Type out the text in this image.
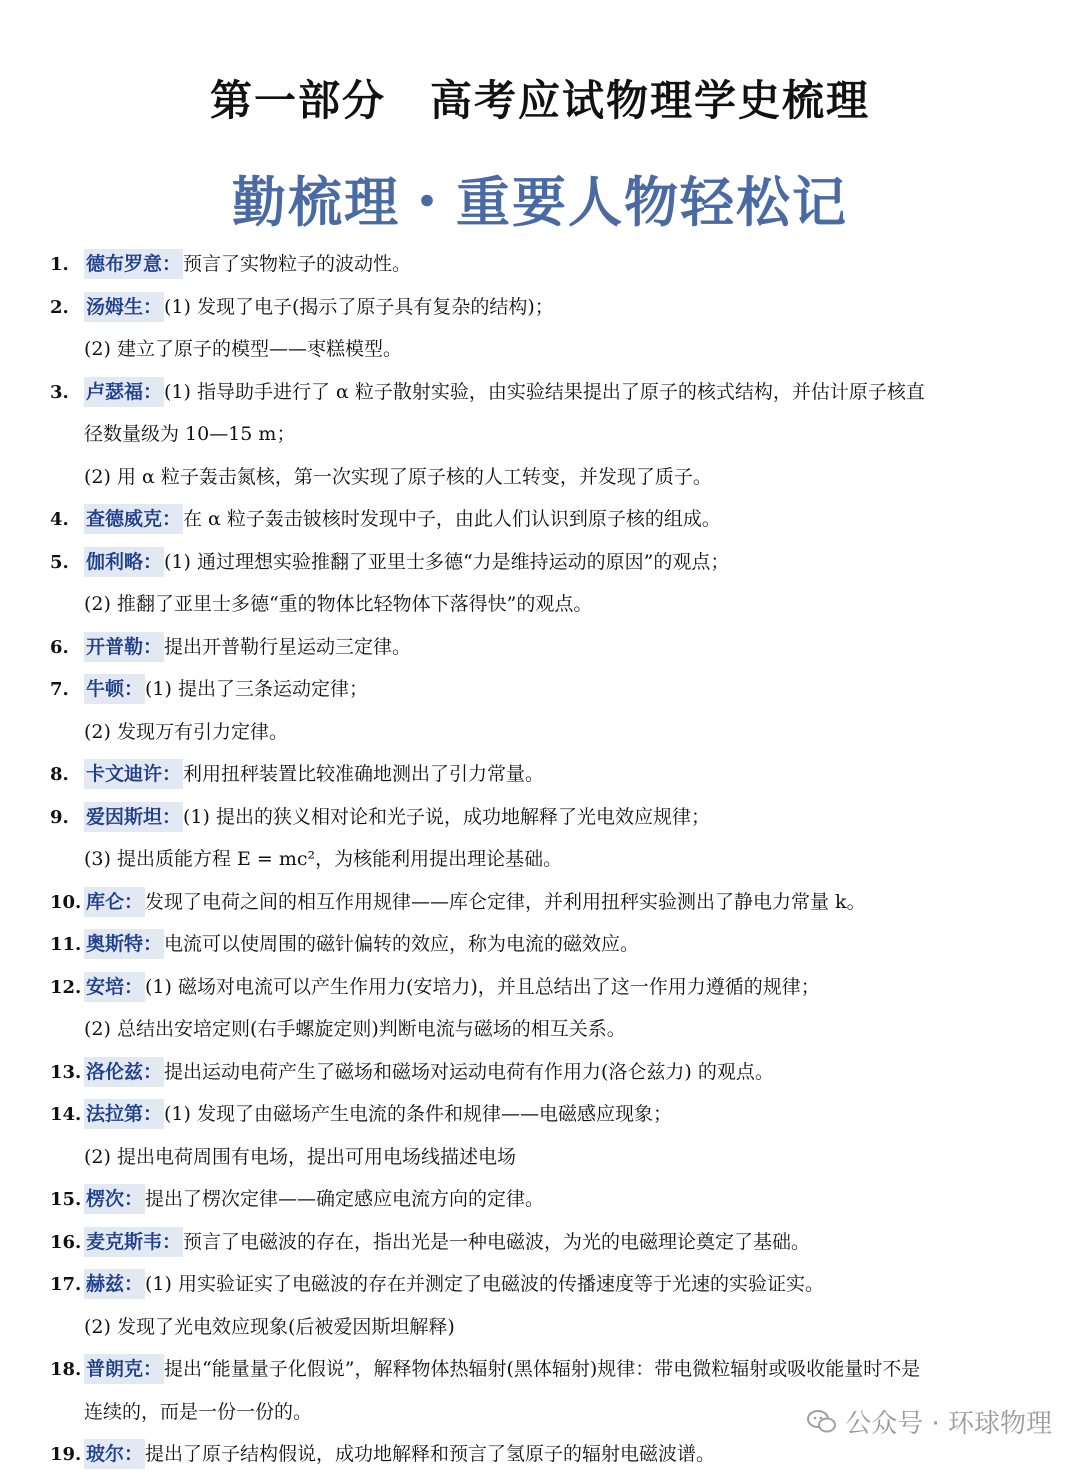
第一部分　高考应试物理学史梳理
勤梳理・重要人物轻松记
1. 德布罗意： 预言了实物粒子的波动性。
2. 汤姆生： (1) 发现了电子(揭示了原子具有复杂的结构)；
(2) 建立了原子的模型——枣糕模型。
3. 卢瑟福： (1) 指导助手进行了 α 粒子散射实验，由实验结果提出了原子的核式结构，并估计原子核直
径数量级为 10—15 m；
(2) 用 α 粒子轰击氮核，第一次实现了原子核的人工转变，并发现了质子。
4. 查德威克： 在 α 粒子轰击铍核时发现中子，由此人们认识到原子核的组成。
5. 伽利略： (1) 通过理想实验推翻了亚里士多德“力是维持运动的原因”的观点；
(2) 推翻了亚里士多德“重的物体比轻物体下落得快”的观点。
6. 开普勒： 提出开普勒行星运动三定律。
7. 牛顿： (1) 提出了三条运动定律；
(2) 发现万有引力定律。
8. 卡文迪许： 利用扭秤装置比较准确地测出了引力常量。
9. 爱因斯坦： (1) 提出的狭义相对论和光子说，成功地解释了光电效应规律；
(3) 提出质能方程 E = mc²，为核能利用提出理论基础。
10. 库仑： 发现了电荷之间的相互作用规律——库仑定律，并利用扭秤实验测出了静电力常量 k。
11. 奥斯特： 电流可以使周围的磁针偏转的效应，称为电流的磁效应。
12. 安培： (1) 磁场对电流可以产生作用力(安培力)，并且总结出了这一作用力遵循的规律；
(2) 总结出安培定则(右手螺旋定则)判断电流与磁场的相互关系。
13. 洛伦兹： 提出运动电荷产生了磁场和磁场对运动电荷有作用力(洛仑兹力) 的观点。
14. 法拉第： (1) 发现了由磁场产生电流的条件和规律——电磁感应现象；
(2) 提出电荷周围有电场，提出可用电场线描述电场
15. 楞次： 提出了楞次定律——确定感应电流方向的定律。
16. 麦克斯韦： 预言了电磁波的存在，指出光是一种电磁波，为光的电磁理论奠定了基础。
17. 赫兹： (1) 用实验证实了电磁波的存在并测定了电磁波的传播速度等于光速的实验证实。
(2) 发现了光电效应现象(后被爱因斯坦解释)
18. 普朗克： 提出“能量量子化假说”，解释物体热辐射(黑体辐射)规律：带电微粒辐射或吸收能量时不是
连续的，而是一份一份的。
19. 玻尔： 提出了原子结构假说，成功地解释和预言了氢原子的辐射电磁波谱。
公众号 · 环球物理
